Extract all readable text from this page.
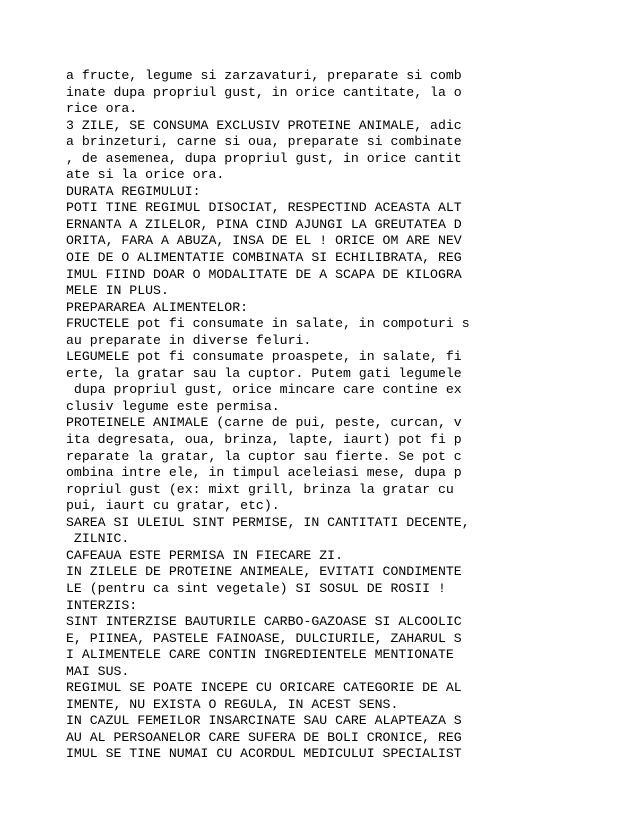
a fructe, legume si zarzavaturi, preparate si comb
inate dupa propriul gust, in orice cantitate, la o
rice ora.
3 ZILE, SE CONSUMA EXCLUSIV PROTEINE ANIMALE, adic
a brinzeturi, carne si oua, preparate si combinate
, de asemenea, dupa propriul gust, in orice cantit
ate si la orice ora.
DURATA REGIMULUI:
POTI TINE REGIMUL DISOCIAT, RESPECTIND ACEASTA ALT
ERNANTA A ZILELOR, PINA CIND AJUNGI LA GREUTATEA D
ORITA, FARA A ABUZA, INSA DE EL ! ORICE OM ARE NEV
OIE DE O ALIMENTATIE COMBINATA SI ECHILIBRATA, REG
IMUL FIIND DOAR O MODALITATE DE A SCAPA DE KILOGRA
MELE IN PLUS.
PREPARAREA ALIMENTELOR:
FRUCTELE pot fi consumate in salate, in compoturi s
au preparate in diverse feluri.
LEGUMELE pot fi consumate proaspete, in salate, fi
erte, la gratar sau la cuptor. Putem gati legumele
dupa propriul gust, orice mincare care contine ex
clusiv legume este permisa.
PROTEINELE ANIMALE (carne de pui, peste, curcan, v
ita degresata, oua, brinza, lapte, iaurt) pot fi p
reparate la gratar, la cuptor sau fierte. Se pot c
ombina intre ele, in timpul aceleiasi mese, dupa p
ropriul gust (ex: mixt grill, brinza la gratar cu
pui, iaurt cu gratar, etc).
SAREA SI ULEIUL SINT PERMISE, IN CANTITATI DECENTE,
ZILNIC.
CAFEAUA ESTE PERMISA IN FIECARE ZI.
IN ZILELE DE PROTEINE ANIMEALE, EVITATI CONDIMENTE
LE (pentru ca sint vegetale) SI SOSUL DE ROSII !
INTERZIS:
SINT INTERZISE BAUTURILE CARBO-GAZOASE SI ALCOOLIC
E, PIINEA, PASTELE FAINOASE, DULCIURILE, ZAHARUL S
I ALIMENTELE CARE CONTIN INGREDIENTELE MENTIONATE
MAI SUS.
REGIMUL SE POATE INCEPE CU ORICARE CATEGORIE DE AL
IMENTE, NU EXISTA O REGULA, IN ACEST SENS.
IN CAZUL FEMEILOR INSARCINATE SAU CARE ALAPTEAZA S
AU AL PERSOANELOR CARE SUFERA DE BOLI CRONICE, REG
IMUL SE TINE NUMAI CU ACORDUL MEDICULUI SPECIALIST
